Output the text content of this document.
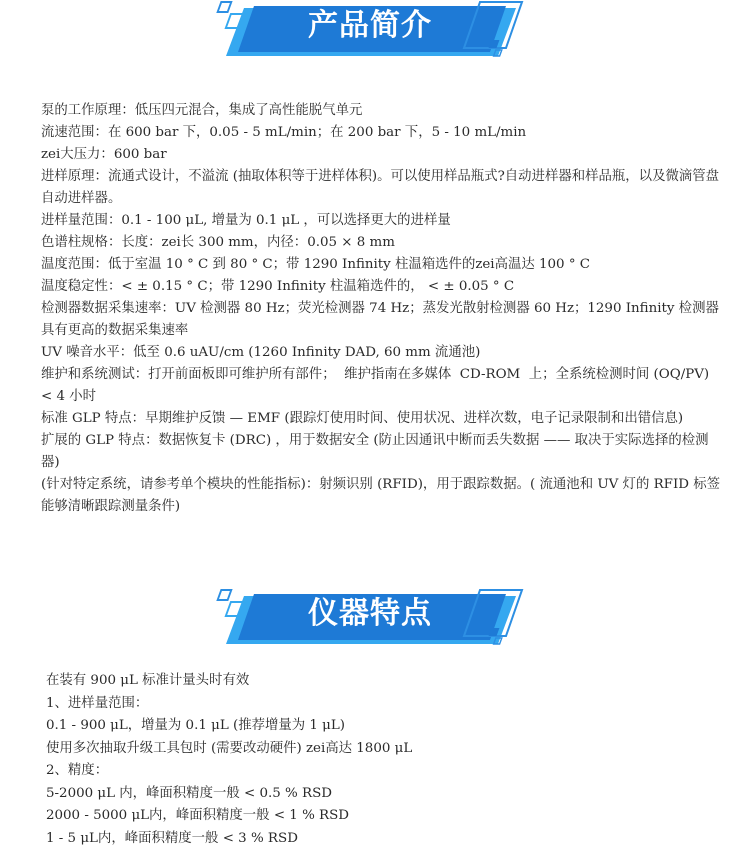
产品简介

泵的工作原理：低压四元混合，集成了高性能脱气单元

流速范围：在 600 bar 下，0.05 - 5 mL/min；在 200 bar 下，5 - 10 mL/min

zei大压力：600 bar

进样原理：流通式设计，不溢流 (抽取体积等于进样体积)。可以使用样品瓶式?自动进样器和样品瓶，以及微滴管盘自动进样器。

进样量范围：0.1 - 100 μL, 增量为 0.1 μL ，可以选择更大的进样量

色谱柱规格：长度：zei长 300 mm，内径：0.05 × 8 mm

温度范围：低于室温 10 ° C 到 80 ° C；带 1290 Infinity 柱温箱选件的zei高温达 100 ° C

温度稳定性：< ± 0.15 ° C；带 1290 Infinity 柱温箱选件的， < ± 0.05 ° C

检测器数据采集速率：UV 检测器 80 Hz；荧光检测器 74 Hz；蒸发光散射检测器 60 Hz；1290 Infinity 检测器具有更高的数据采集速率

UV 噪音水平：低至 0.6 uAU/cm (1260 Infinity DAD, 60 mm 流通池)

维护和系统测试：打开前面板即可维护所有部件；  维护指南在多媒体  CD-ROM  上；全系统检测时间 (OQ/PV) < 4 小时

标准 GLP 特点：早期维护反馈 — EMF (跟踪灯使用时间、使用状况、进样次数，电子记录限制和出错信息)

扩展的 GLP 特点：数据恢复卡 (DRC) ，用于数据安全 (防止因通讯中断而丢失数据 —— 取决于实际选择的检测器)

(针对特定系统，请参考单个模块的性能指标)：射频识别 (RFID)，用于跟踪数据。( 流通池和 UV 灯的 RFID 标签能够清晰跟踪测量条件)

仪器特点

在装有 900 μL 标准计量头时有效

1、进样量范围：

0.1 - 900 μL，增量为 0.1 μL (推荐增量为 1 μL)

使用多次抽取升级工具包时 (需要改动硬件) zei高达 1800 μL

2、精度：

5-2000 μL 内，峰面积精度一般 < 0.5 % RSD

2000 - 5000 μL内，峰面积精度一般 < 1 % RSD

1 - 5 μL内，峰面积精度一般 < 3 % RSD
